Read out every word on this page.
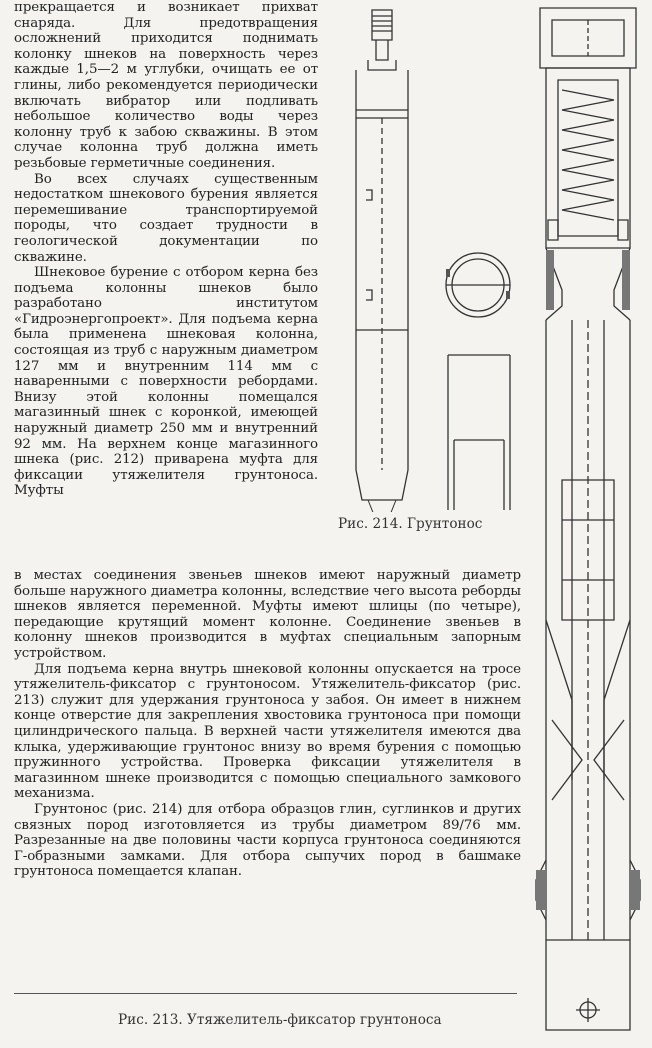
прекращается и возникает прихват снаряда. Для предотвращения осложнений приходится поднимать колонку шнеков на поверхность через каждые 1,5—2 м углубки, очищать ее от глины, либо рекомендуется периодически включать вибратор или подливать небольшое количество воды через колонну труб к забою скважины. В этом случае колонна труб должна иметь резьбовые герметичные соединения.

Во всех случаях существенным недостатком шнекового бурения является перемешивание транспортируемой породы, что создает трудности в геологической документации по скважине.

Шнековое бурение с отбором керна без подъема колонны шнеков было разработано институтом «Гидроэнергопроект». Для подъема керна была применена шнековая колонна, состоящая из труб с наружным диаметром 127 мм и внутренним 114 мм с наваренными с поверхности ребордами. Внизу этой колонны помещался магазинный шнек с коронкой, имеющей наружный диаметр 250 мм и внутренний 92 мм. На верхнем конце магазинного шнека (рис. 212) приварена муфта для фиксации утяжелителя грунтоноса. Муфты

в местах соединения звеньев шнеков имеют наружный диаметр больше наружного диаметра колонны, вследствие чего высота реборды шнеков является переменной. Муфты имеют шлицы (по четыре), передающие крутящий момент колонне. Соединение звеньев в колонну шнеков производится в муфтах специальным запорным устройством.

Для подъема керна внутрь шнековой колонны опускается на тросе утяжелитель-фиксатор с грунтоносом. Утяжелитель-фиксатор (рис. 213) служит для удержания грунтоноса у забоя. Он имеет в нижнем конце отверстие для закрепления хвостовика грунтоноса при помощи цилиндрического пальца. В верхней части утяжелителя имеются два клыка, удерживающие грунтонос внизу во время бурения с помощью пружинного устройства. Проверка фиксации утяжелителя в магазинном шнеке производится с помощью специального замкового механизма.

Грунтонос (рис. 214) для отбора образцов глин, суглинков и других связных пород изготовляется из трубы диаметром 89/76 мм. Разрезанные на две половины части корпуса грунтоноса соединяются Г-образными замками. Для отбора сыпучих пород в башмаке грунтоноса помещается клапан.

Рис. 214. Грунтонос
Рис. 213. Утяжелитель-фиксатор грунтоноса
